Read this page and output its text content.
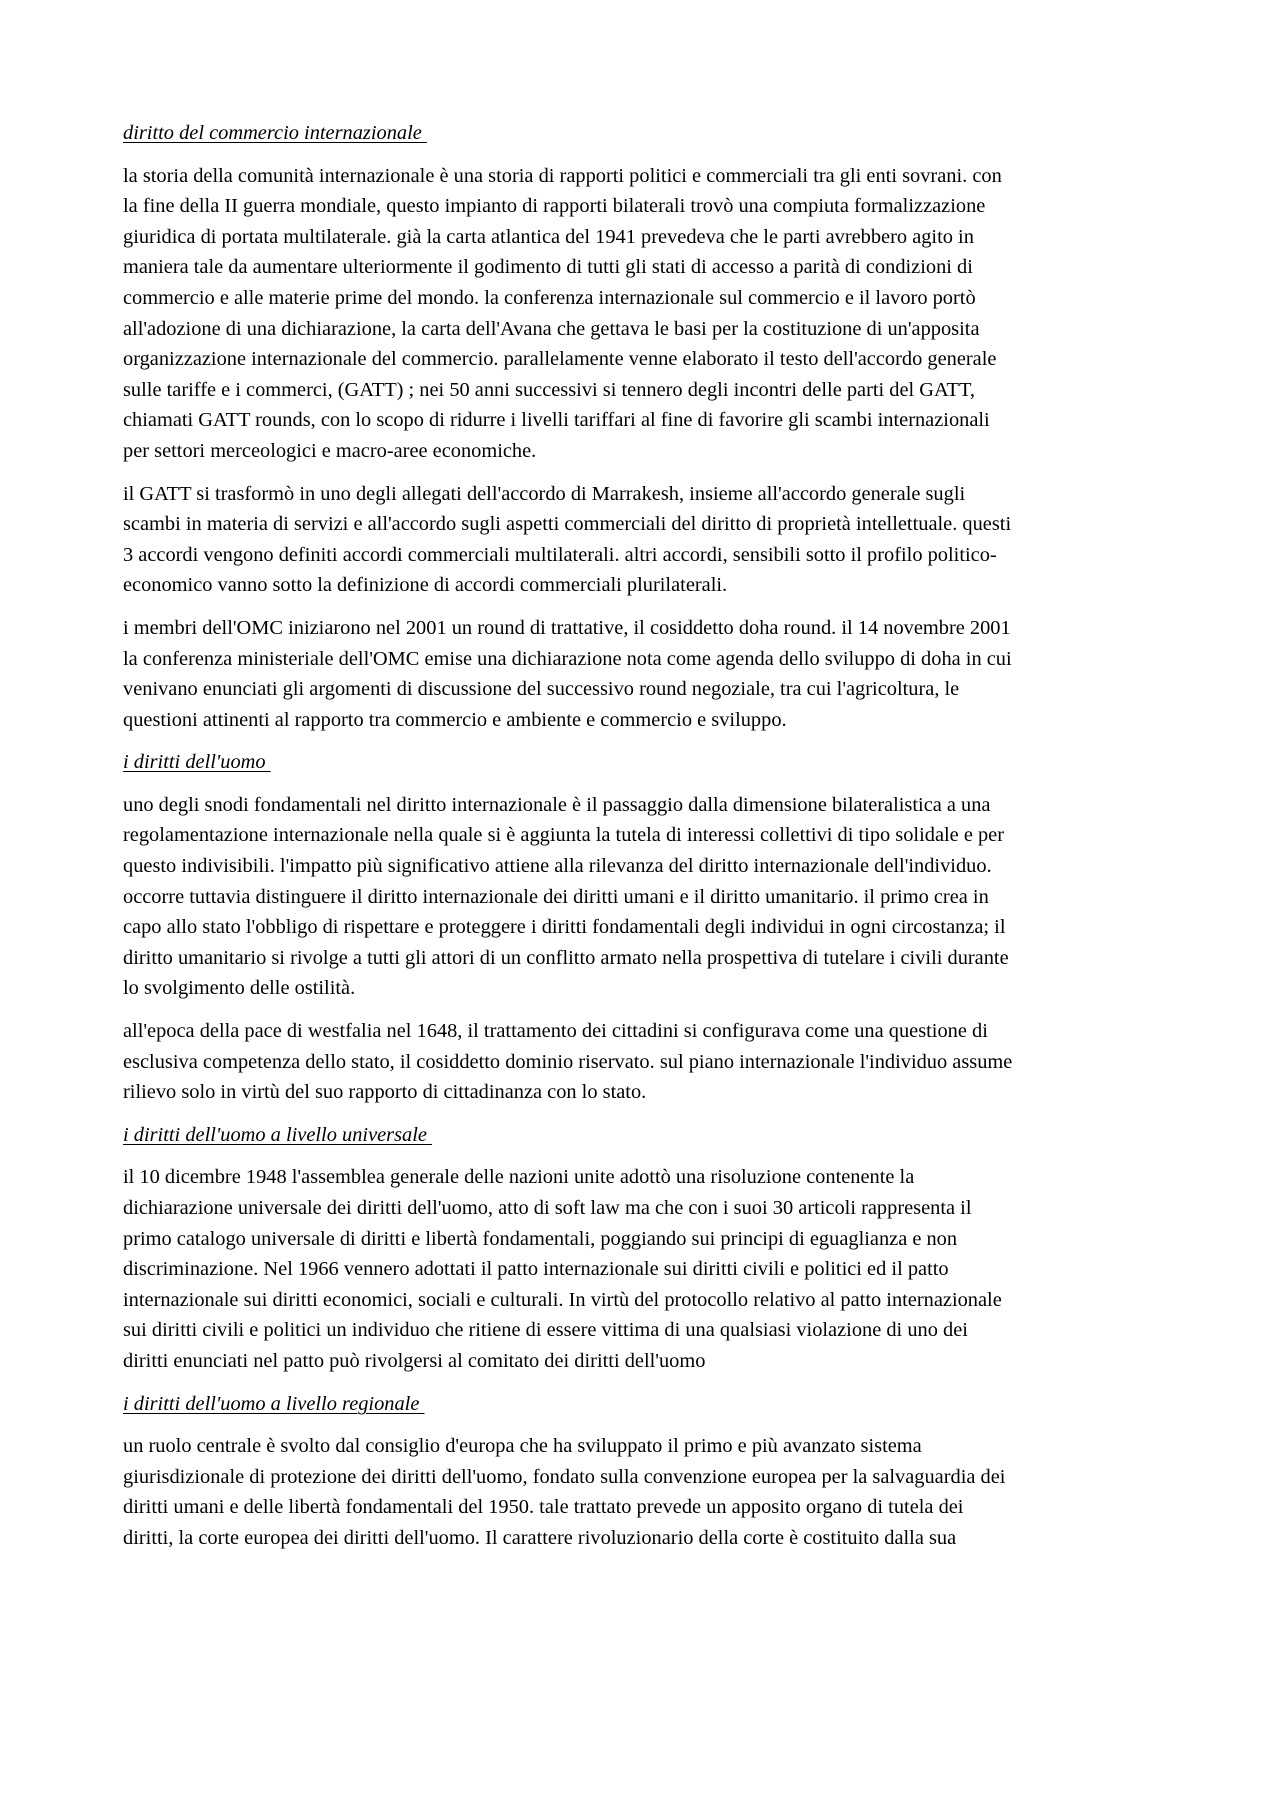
diritto del commercio internazionale
la storia della comunità internazionale è una storia di rapporti politici e commerciali tra gli enti sovrani. con
la fine della II guerra mondiale, questo impianto di rapporti bilaterali trovò una compiuta formalizzazione
giuridica di portata multilaterale. già la carta atlantica del 1941 prevedeva che le parti avrebbero agito in
maniera tale da aumentare ulteriormente il godimento di tutti gli stati di accesso a parità di condizioni di
commercio e alle materie prime del mondo. la conferenza internazionale sul commercio e il lavoro portò
all'adozione di una dichiarazione, la carta dell'Avana che gettava le basi per la costituzione di un'apposita
organizzazione internazionale del commercio. parallelamente venne elaborato il testo dell'accordo generale
sulle tariffe e i commerci, (GATT) ; nei 50 anni successivi si tennero degli incontri delle parti del GATT,
chiamati GATT rounds, con lo scopo di ridurre i livelli tariffari al fine di favorire gli scambi internazionali
per settori merceologici e macro-aree economiche.
il GATT si trasformò in uno degli allegati dell'accordo di Marrakesh, insieme all'accordo generale sugli
scambi in materia di servizi e all'accordo sugli aspetti commerciali del diritto di proprietà intellettuale. questi
3 accordi vengono definiti accordi commerciali multilaterali. altri accordi, sensibili sotto il profilo politico-
economico vanno sotto la definizione di accordi commerciali plurilaterali.
i membri dell'OMC iniziarono nel 2001 un round di trattative, il cosiddetto doha round. il 14 novembre 2001
la conferenza ministeriale dell'OMC emise una dichiarazione nota come agenda dello sviluppo di doha in cui
venivano enunciati gli argomenti di discussione del successivo round negoziale, tra cui l'agricoltura, le
questioni attinenti al rapporto tra commercio e ambiente e commercio e sviluppo.
i diritti dell'uomo
uno degli snodi fondamentali nel diritto internazionale è il passaggio dalla dimensione bilateralistica a una
regolamentazione internazionale nella quale si è aggiunta la tutela di interessi collettivi di tipo solidale e per
questo indivisibili. l'impatto più significativo attiene alla rilevanza del diritto internazionale dell'individuo.
occorre tuttavia distinguere il diritto internazionale dei diritti umani e il diritto umanitario. il primo crea in
capo allo stato l'obbligo di rispettare e proteggere i diritti fondamentali degli individui in ogni circostanza; il
diritto umanitario si rivolge a tutti gli attori di un conflitto armato nella prospettiva di tutelare i civili durante
lo svolgimento delle ostilità.
all'epoca della pace di westfalia nel 1648, il trattamento dei cittadini si configurava come una questione di
esclusiva competenza dello stato, il cosiddetto dominio riservato. sul piano internazionale l'individuo assume
rilievo solo in virtù del suo rapporto di cittadinanza con lo stato.
i diritti dell'uomo a livello universale
il 10 dicembre 1948 l'assemblea generale delle nazioni unite adottò una risoluzione contenente la
dichiarazione universale dei diritti dell'uomo, atto di soft law ma che con i suoi 30 articoli rappresenta il
primo catalogo universale di diritti e libertà fondamentali, poggiando sui principi di eguaglianza e non
discriminazione. Nel 1966 vennero adottati il patto internazionale sui diritti civili e politici ed il patto
internazionale sui diritti economici, sociali e culturali. In virtù del protocollo relativo al patto internazionale
sui diritti civili e politici un individuo che ritiene di essere vittima di una qualsiasi violazione di uno dei
diritti enunciati nel patto può rivolgersi al comitato dei diritti dell'uomo
i diritti dell'uomo a livello regionale
un ruolo centrale è svolto dal consiglio d'europa che ha sviluppato il primo e più avanzato sistema
giurisdizionale di protezione dei diritti dell'uomo, fondato sulla convenzione europea per la salvaguardia dei
diritti umani e delle libertà fondamentali del 1950. tale trattato prevede un apposito organo di tutela dei
diritti, la corte europea dei diritti dell'uomo. Il carattere rivoluzionario della corte è costituito dalla sua
